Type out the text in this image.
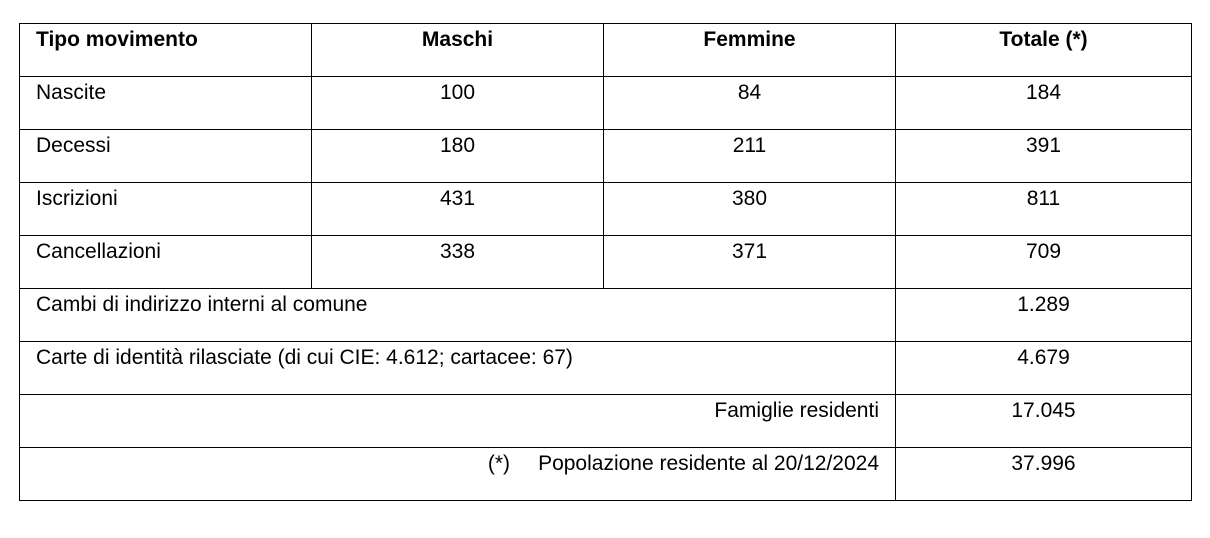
Tipo movimento	Maschi	Femmine	Totale (*)
Nascite	100	84	184
Decessi	180	211	391
Iscrizioni	431	380	811
Cancellazioni	338	371	709
Cambi di indirizzo interni al comune			1.289
Carte di identità rilasciate (di cui CIE: 4.612; cartacee: 67)			4.679
Famiglie residenti			17.045
(*) Popolazione residente al 20/12/2024			37.996
